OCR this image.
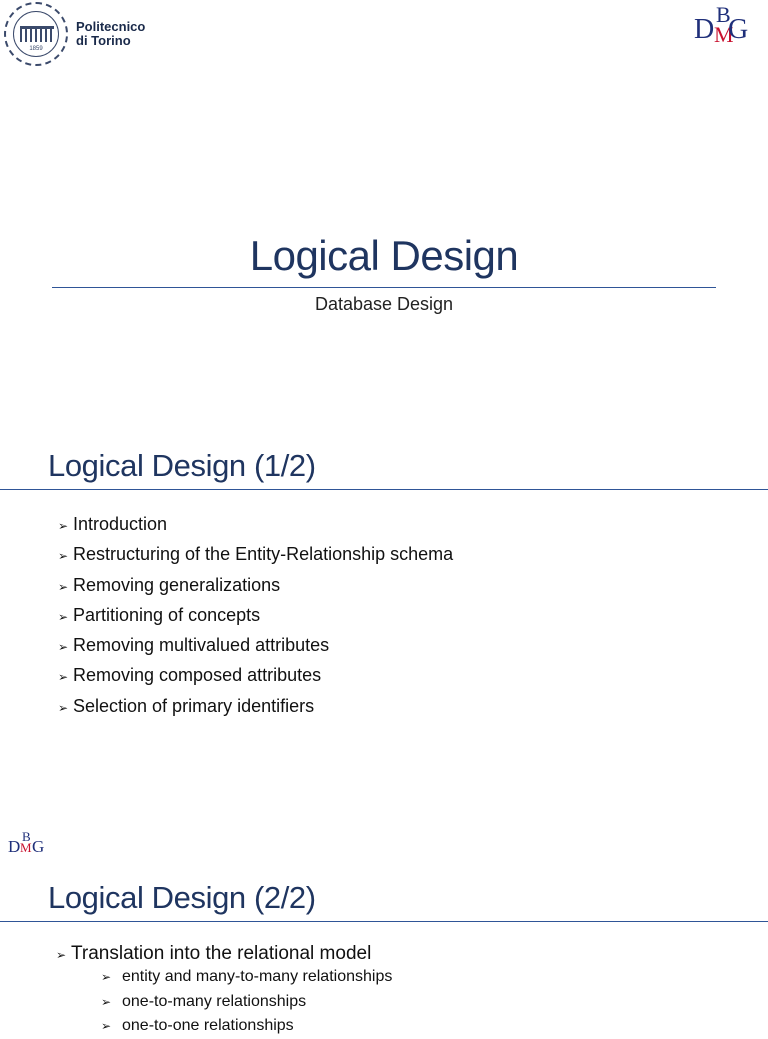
1859
Politecnico
di Torino	D B
M
G
Logical Design
Database Design
Logical Design (1/2)
➢ Introduction
➢ Restructuring of the Entity-Relationship schema
➢ Removing generalizations
➢ Partitioning of concepts
➢ Removing multivalued attributes
➢ Removing composed attributes
➢ Selection of primary identifiers
D
B
M G
Logical Design (2/2)
➢ Translation into the relational model
➢ entity and many-to-many relationships
➢ one-to-many relationships
➢ one-to-one relationships
